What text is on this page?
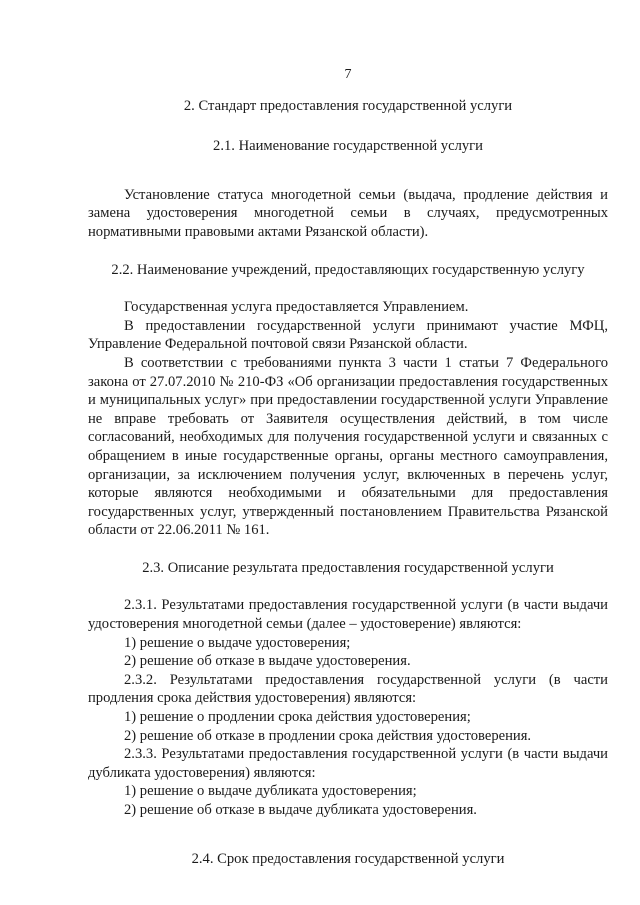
7
2. Стандарт предоставления государственной услуги
2.1. Наименование государственной услуги
Установление статуса многодетной семьи (выдача, продление действия и замена удостоверения многодетной семьи в случаях, предусмотренных нормативными правовыми актами Рязанской области).
2.2. Наименование учреждений, предоставляющих государственную услугу
Государственная услуга предоставляется Управлением.
В предоставлении государственной услуги принимают участие МФЦ, Управление Федеральной почтовой связи Рязанской области.
В соответствии с требованиями пункта 3 части 1 статьи 7 Федерального закона от 27.07.2010 № 210-ФЗ «Об организации предоставления государственных и муниципальных услуг» при предоставлении государственной услуги Управление не вправе требовать от Заявителя осуществления действий, в том числе согласований, необходимых для получения государственной услуги и связанных с обращением в иные государственные органы, органы местного самоуправления, организации, за исключением получения услуг, включенных в перечень услуг, которые являются необходимыми и обязательными для предоставления государственных услуг, утвержденный постановлением Правительства Рязанской области от 22.06.2011 № 161.
2.3. Описание результата предоставления государственной услуги
2.3.1. Результатами предоставления государственной услуги (в части выдачи удостоверения многодетной семьи (далее – удостоверение) являются:
1) решение о выдаче удостоверения;
2) решение об отказе в выдаче удостоверения.
2.3.2. Результатами предоставления государственной услуги (в части продления срока действия удостоверения) являются:
1) решение о продлении срока действия удостоверения;
2) решение об отказе в продлении срока действия удостоверения.
2.3.3. Результатами предоставления государственной услуги (в части выдачи дубликата удостоверения) являются:
1) решение о выдаче дубликата удостоверения;
2) решение об отказе в выдаче дубликата удостоверения.
2.4. Срок предоставления государственной услуги
